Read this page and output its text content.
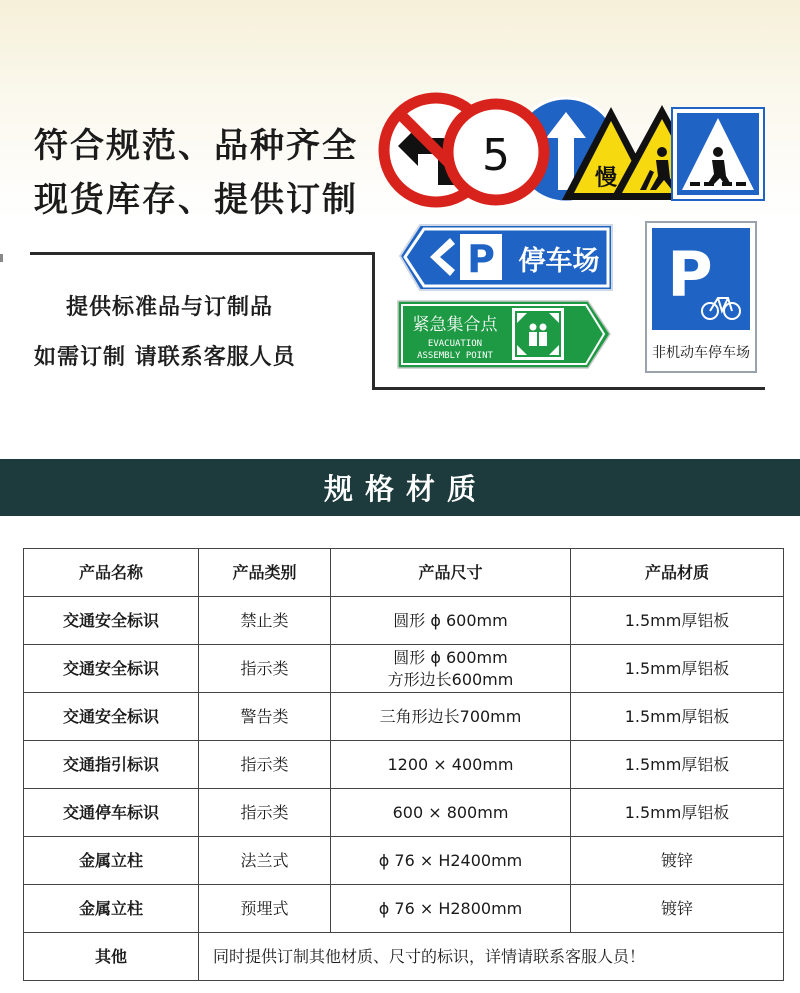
符合规范、品种齐全
现货库存、提供订制
提供标准品与订制品
如需订制 请联系客服人员
5	慢
P 停车场
紧急集合点
EVACUATION
ASSEMBLY POINT
P
非机动车停车场
规格材质
产品名称	产品类别	产品尺寸	产品材质
交通安全标识	禁止类	圆形 ϕ 600mm	1.5mm厚铝板
交通安全标识	指示类	圆形 ϕ 600mm
方形边长600mm	1.5mm厚铝板
交通安全标识	警告类	三角形边长700mm	1.5mm厚铝板
交通指引标识	指示类	1200 × 400mm	1.5mm厚铝板
交通停车标识	指示类	600 × 800mm	1.5mm厚铝板
金属立柱	法兰式	ϕ 76 × H2400mm	镀锌
金属立柱	预埋式	ϕ 76 × H2800mm	镀锌
其他	同时提供订制其他材质、尺寸的标识，详情请联系客服人员！		
